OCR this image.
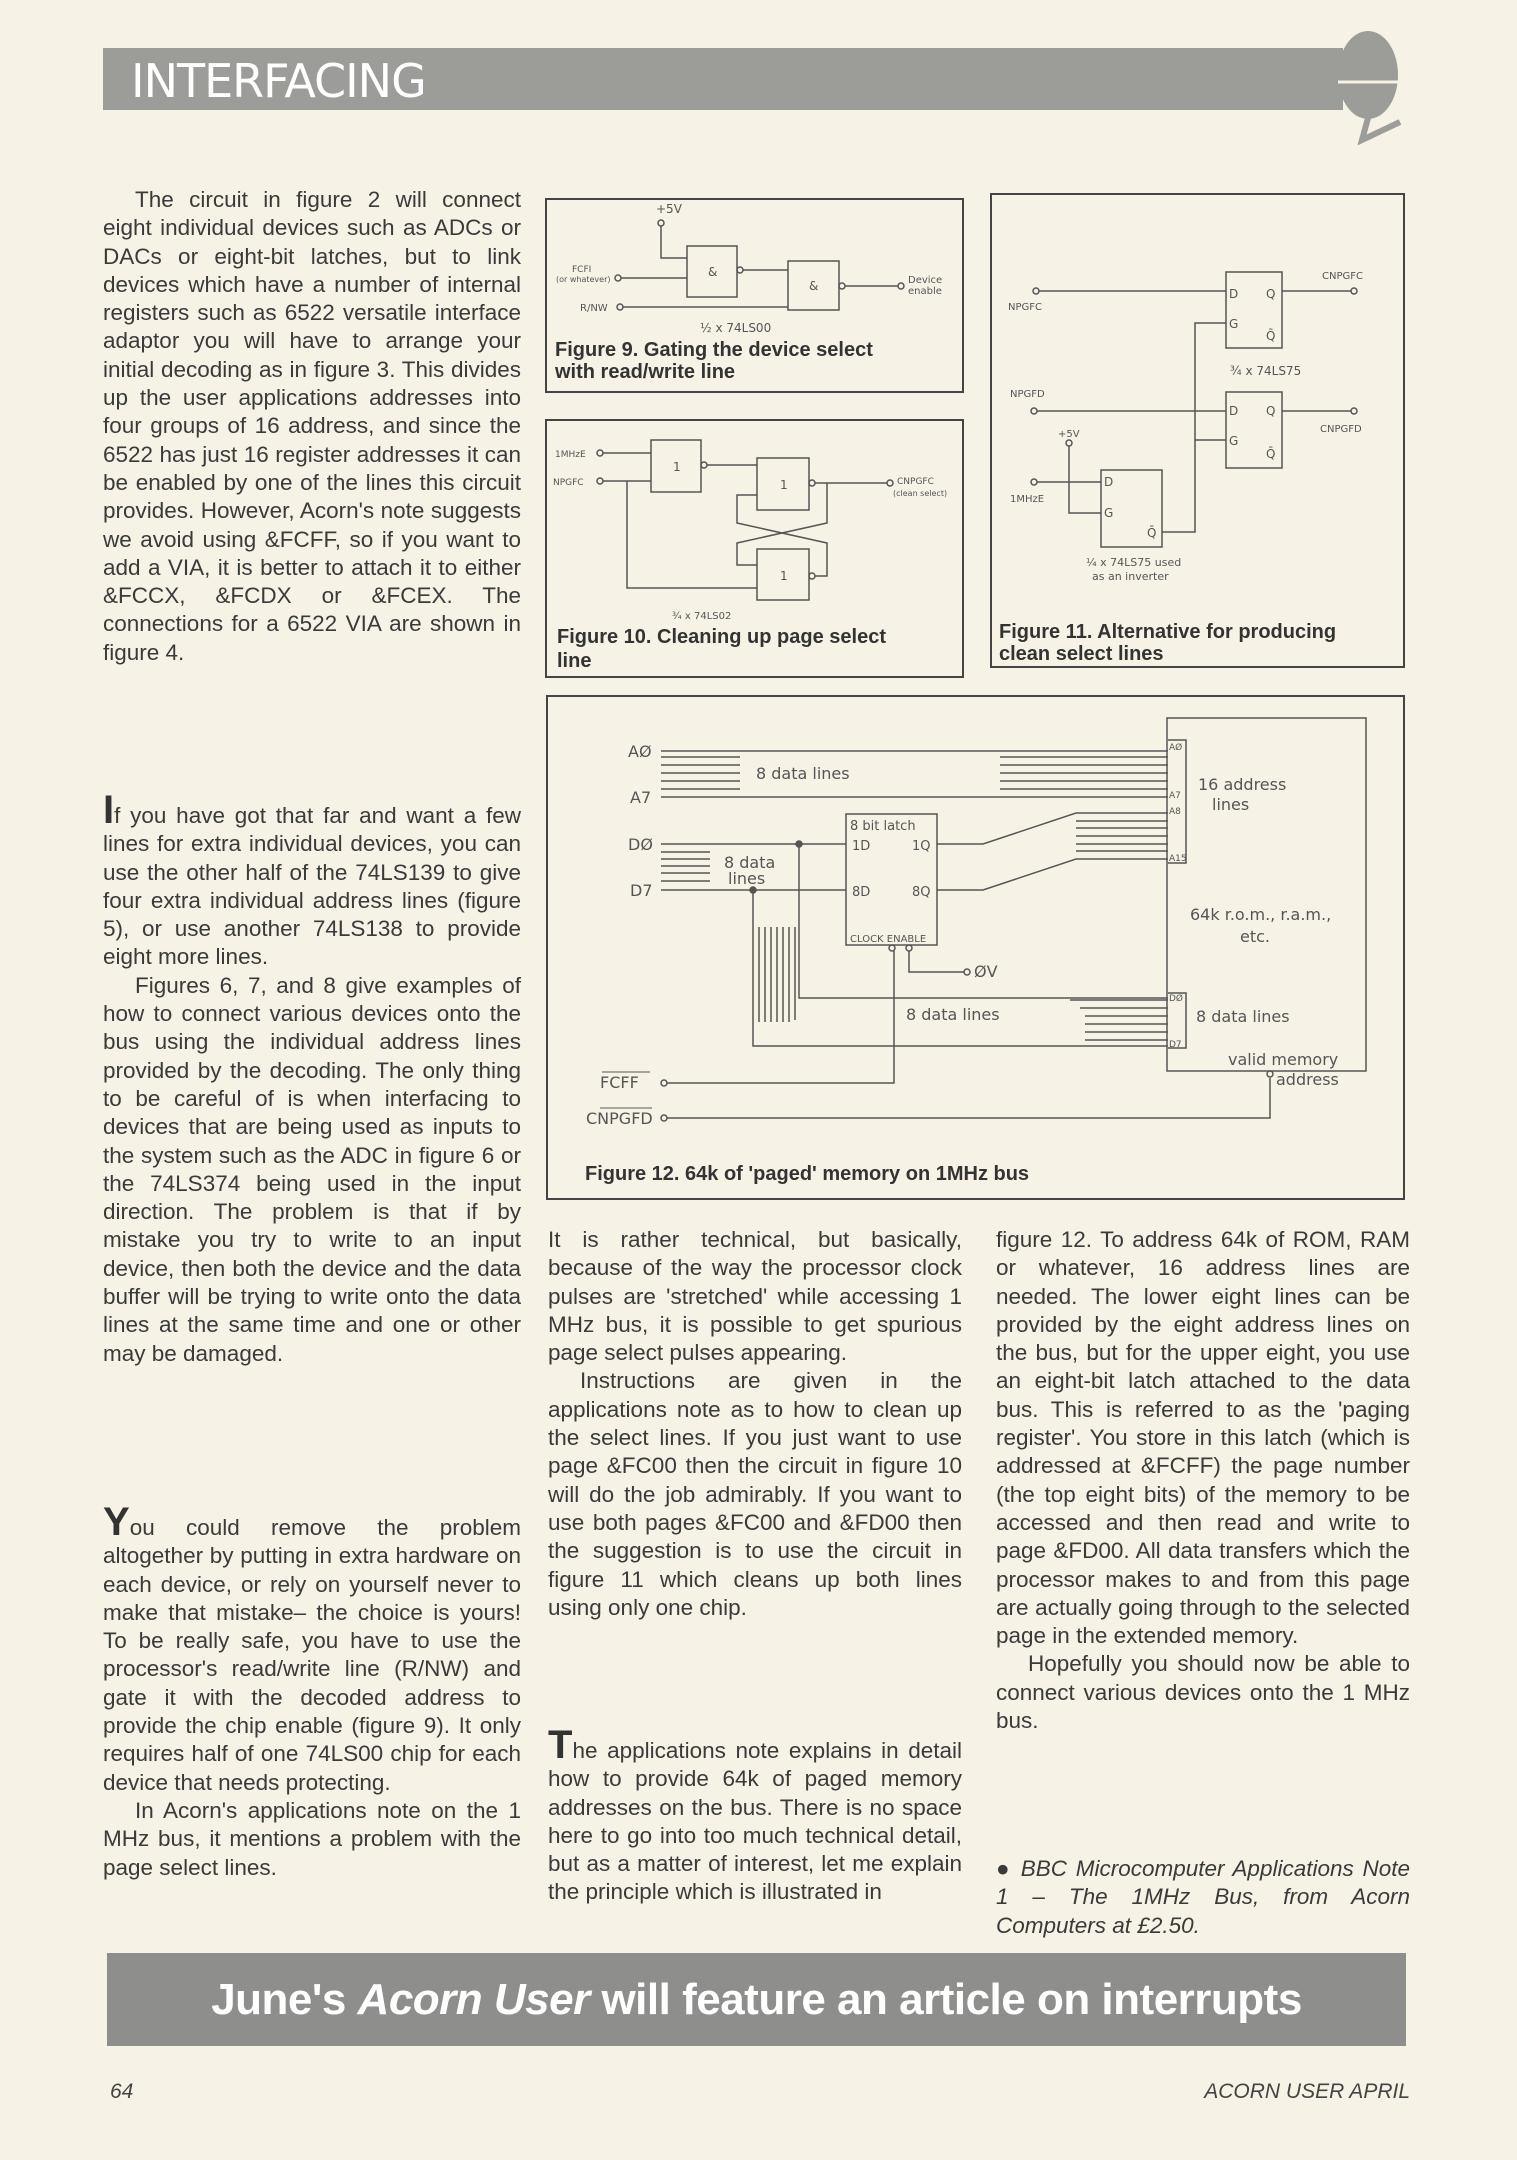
INTERFACING

The circuit in figure 2 will connect eight individual devices such as ADCs or DACs or eight-bit latches, but to link devices which have a number of internal registers such as 6522 versatile interface adaptor you will have to arrange your initial decoding as in figure 3. This divides up the user applications addresses into four groups of 16 address, and since the 6522 has just 16 register addresses it can be enabled by one of the lines this circuit provides. However, Acorn's note suggests we avoid using &FCFF, so if you want to add a VIA, it is better to attach it to either &FCCX, &FCDX or &FCEX. The connections for a 6522 VIA are shown in figure 4.

If you have got that far and want a few lines for extra individual devices, you can use the other half of the 74LS139 to give four extra individual address lines (figure 5), or use another 74LS138 to provide eight more lines.

Figures 6, 7, and 8 give examples of how to connect various devices onto the bus using the individual address lines provided by the decoding. The only thing to be careful of is when interfacing to devices that are being used as inputs to the system such as the ADC in figure 6 or the 74LS374 being used in the input direction. The problem is that if by mistake you try to write to an input device, then both the device and the data buffer will be trying to write onto the data lines at the same time and one or other may be damaged.

You could remove the problem altogether by putting in extra hardware on each device, or rely on yourself never to make that mistake– the choice is yours! To be really safe, you have to use the processor's read/write line (R/NW) and gate it with the decoded address to provide the chip enable (figure 9). It only requires half of one 74LS00 chip for each device that needs protecting.

In Acorn's applications note on the 1 MHz bus, it mentions a problem with the page select lines.

It is rather technical, but basically, because of the way the processor clock pulses are 'stretched' while accessing 1 MHz bus, it is possible to get spurious page select pulses appearing.

Instructions are given in the applications note as to how to clean up the select lines. If you just want to use page &FC00 then the circuit in figure 10 will do the job admirably. If you want to use both pages &FC00 and &FD00 then the suggestion is to use the circuit in figure 11 which cleans up both lines using only one chip.

The applications note explains in detail how to provide 64k of paged memory addresses on the bus. There is no space here to go into too much technical detail, but as a matter of interest, let me explain the principle which is illustrated in

figure 12. To address 64k of ROM, RAM or whatever, 16 address lines are needed. The lower eight lines can be provided by the eight address lines on the bus, but for the upper eight, you use an eight-bit latch attached to the data bus. This is referred to as the 'paging register'. You store in this latch (which is addressed at &FCFF) the page number (the top eight bits) of the memory to be accessed and then read and write to page &FD00. All data transfers which the processor makes to and from this page are actually going through to the selected page in the extended memory.

Hopefully you should now be able to connect various devices onto the 1 MHz bus.

● BBC Microcomputer Applications Note 1 – The 1MHz Bus, from Acorn Computers at £2.50.

+5V
&
&
FCFI
(or whatever)
R/NW
Device
enable
½ x 74LS00
Figure 9. Gating the device select
with read/write line
1
1
1
1MHzE
NPGFC	CNPGFC
(clean select)
¾ x 74LS02
Figure 10. Cleaning up page select
line
D Q
G
Q̄
D Q
G
Q̄
D
G
Q̄
NPGFC
NPGFD
CNPGFC
CNPGFD
+5V
1MHzE
¾ x 74LS75
¼ x 74LS75 used
as an inverter
Figure 11. Alternative for producing
clean select lines
AØ
A7
DØ
D7
8 data lines
8 data
lines
8 data lines
8 bit latch
1D	1Q
8D	8Q
CLOCK ENABLE
ØV
AØ
A7
A8
A15
DØ
D7
16 address
lines
64k r.o.m., r.a.m.,
etc.
8 data lines
valid memory
address
FCFF
CNPGFD
Figure 12. 64k of 'paged' memory on 1MHz bus
June's Acorn User will feature an article on interrupts
64	ACORN USER APRIL
